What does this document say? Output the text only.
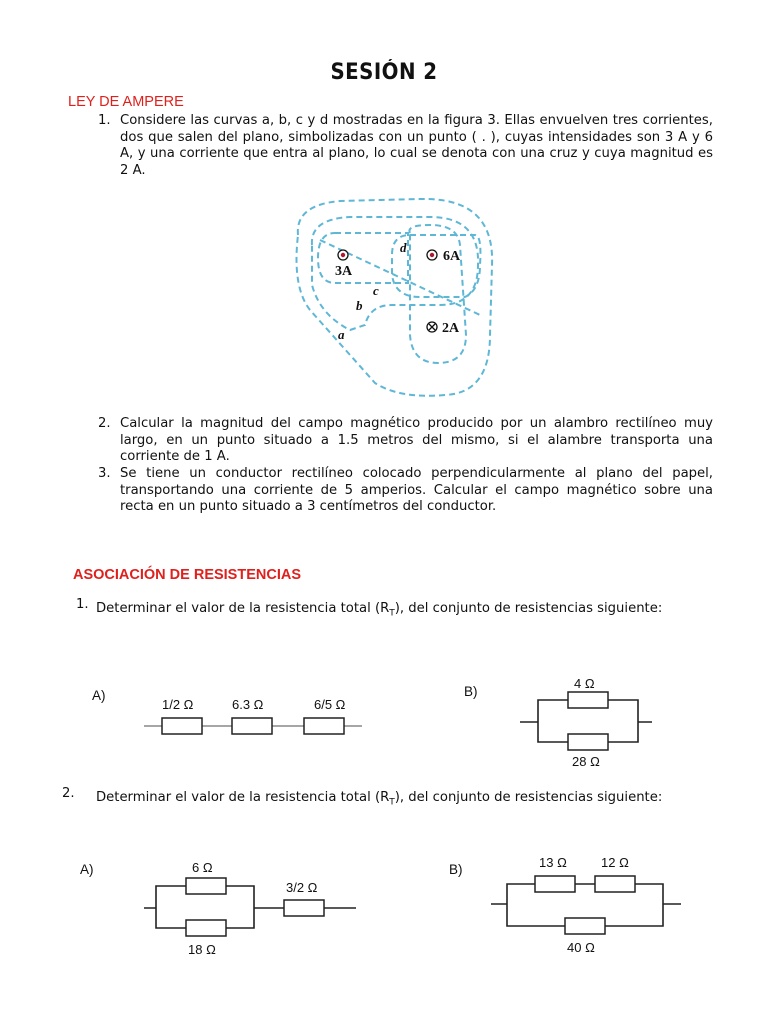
SESIÓN 2
LEY DE AMPERE
1. Considere las curvas a, b, c y d mostradas en la figura 3. Ellas envuelven tres corrientes, dos que salen del plano, simbolizadas con un punto ( . ), cuyas intensidades son 3 A y 6 A, y una corriente que entra al plano, lo cual se denota con una cruz y cuya magnitud es 2 A.
3A
6A
2A
d
c
b
a
2. Calcular la magnitud del campo magnético producido por un alambro rectilíneo muy largo, en un punto situado a 1.5 metros del mismo, si el alambre transporta una corriente de 1 A.
3. Se tiene un conductor rectilíneo colocado perpendicularmente al plano del papel, transportando una corriente de 5 amperios. Calcular el campo magnético sobre una recta en un punto situado a 3 centímetros del conductor.
ASOCIACIÓN DE RESISTENCIAS
1. Determinar el valor de la resistencia total $(R_T)$, del conjunto de resistencias siguiente:
A)
1/2 Ω	6.3 Ω	6/5 Ω
B)
4 Ω
28 Ω
2. Determinar el valor de la resistencia total $(R_T)$, del conjunto de resistencias siguiente:
A)	6 Ω
18 Ω
3/2 Ω
B)	13 Ω	12 Ω
40 Ω
